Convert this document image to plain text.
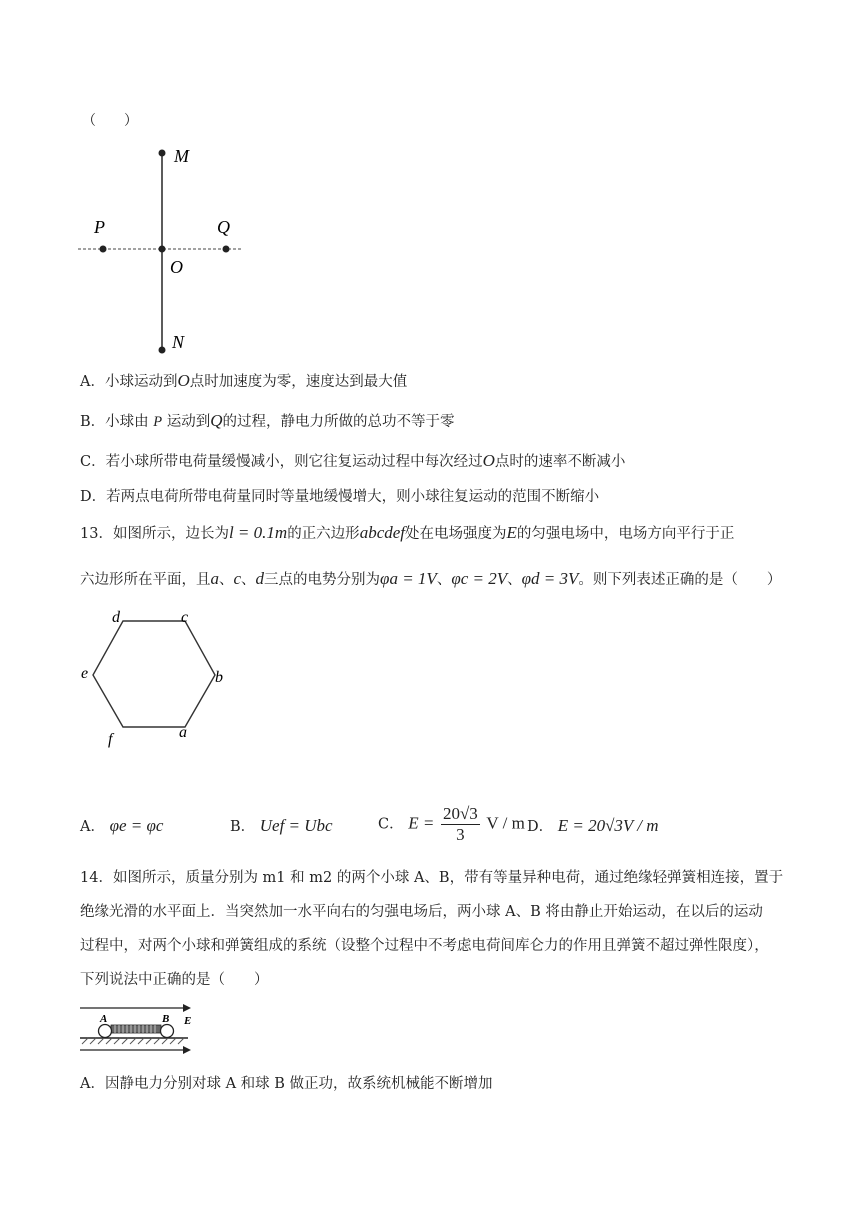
（　　）
M
N
P	Q
O
A．小球运动到O点时加速度为零，速度达到最大值
B．小球由 P 运动到Q的过程，静电力所做的总功不等于零
C．若小球所带电荷量缓慢减小，则它往复运动过程中每次经过O点时的速率不断减小
D．若两点电荷所带电荷量同时等量地缓慢增大，则小球往复运动的范围不断缩小
13．如图所示，边长为l = 0.1m的正六边形abcdef处在电场强度为E的匀强电场中，电场方向平行于正
六边形所在平面，且a、c、d三点的电势分别为φa = 1V、φc = 2V、φd = 3V。则下列表述正确的是（　　）
d	c
b
a
f
e
A． φe = φc	B． Uef = Ubc	C． $E = \frac{20√3}{3}$ V / m D． E = 20√3V / m
14．如图所示，质量分别为 m1 和 m2 的两个小球 A、B，带有等量异种电荷，通过绝缘轻弹簧相连接，置于
绝缘光滑的水平面上．当突然加一水平向右的匀强电场后，两小球 A、B 将由静止开始运动，在以后的运动
过程中，对两个小球和弹簧组成的系统（设整个过程中不考虑电荷间库仑力的作用且弹簧不超过弹性限度），
下列说法中正确的是（　　）
A	B E
A．因静电力分别对球 A 和球 B 做正功，故系统机械能不断增加
